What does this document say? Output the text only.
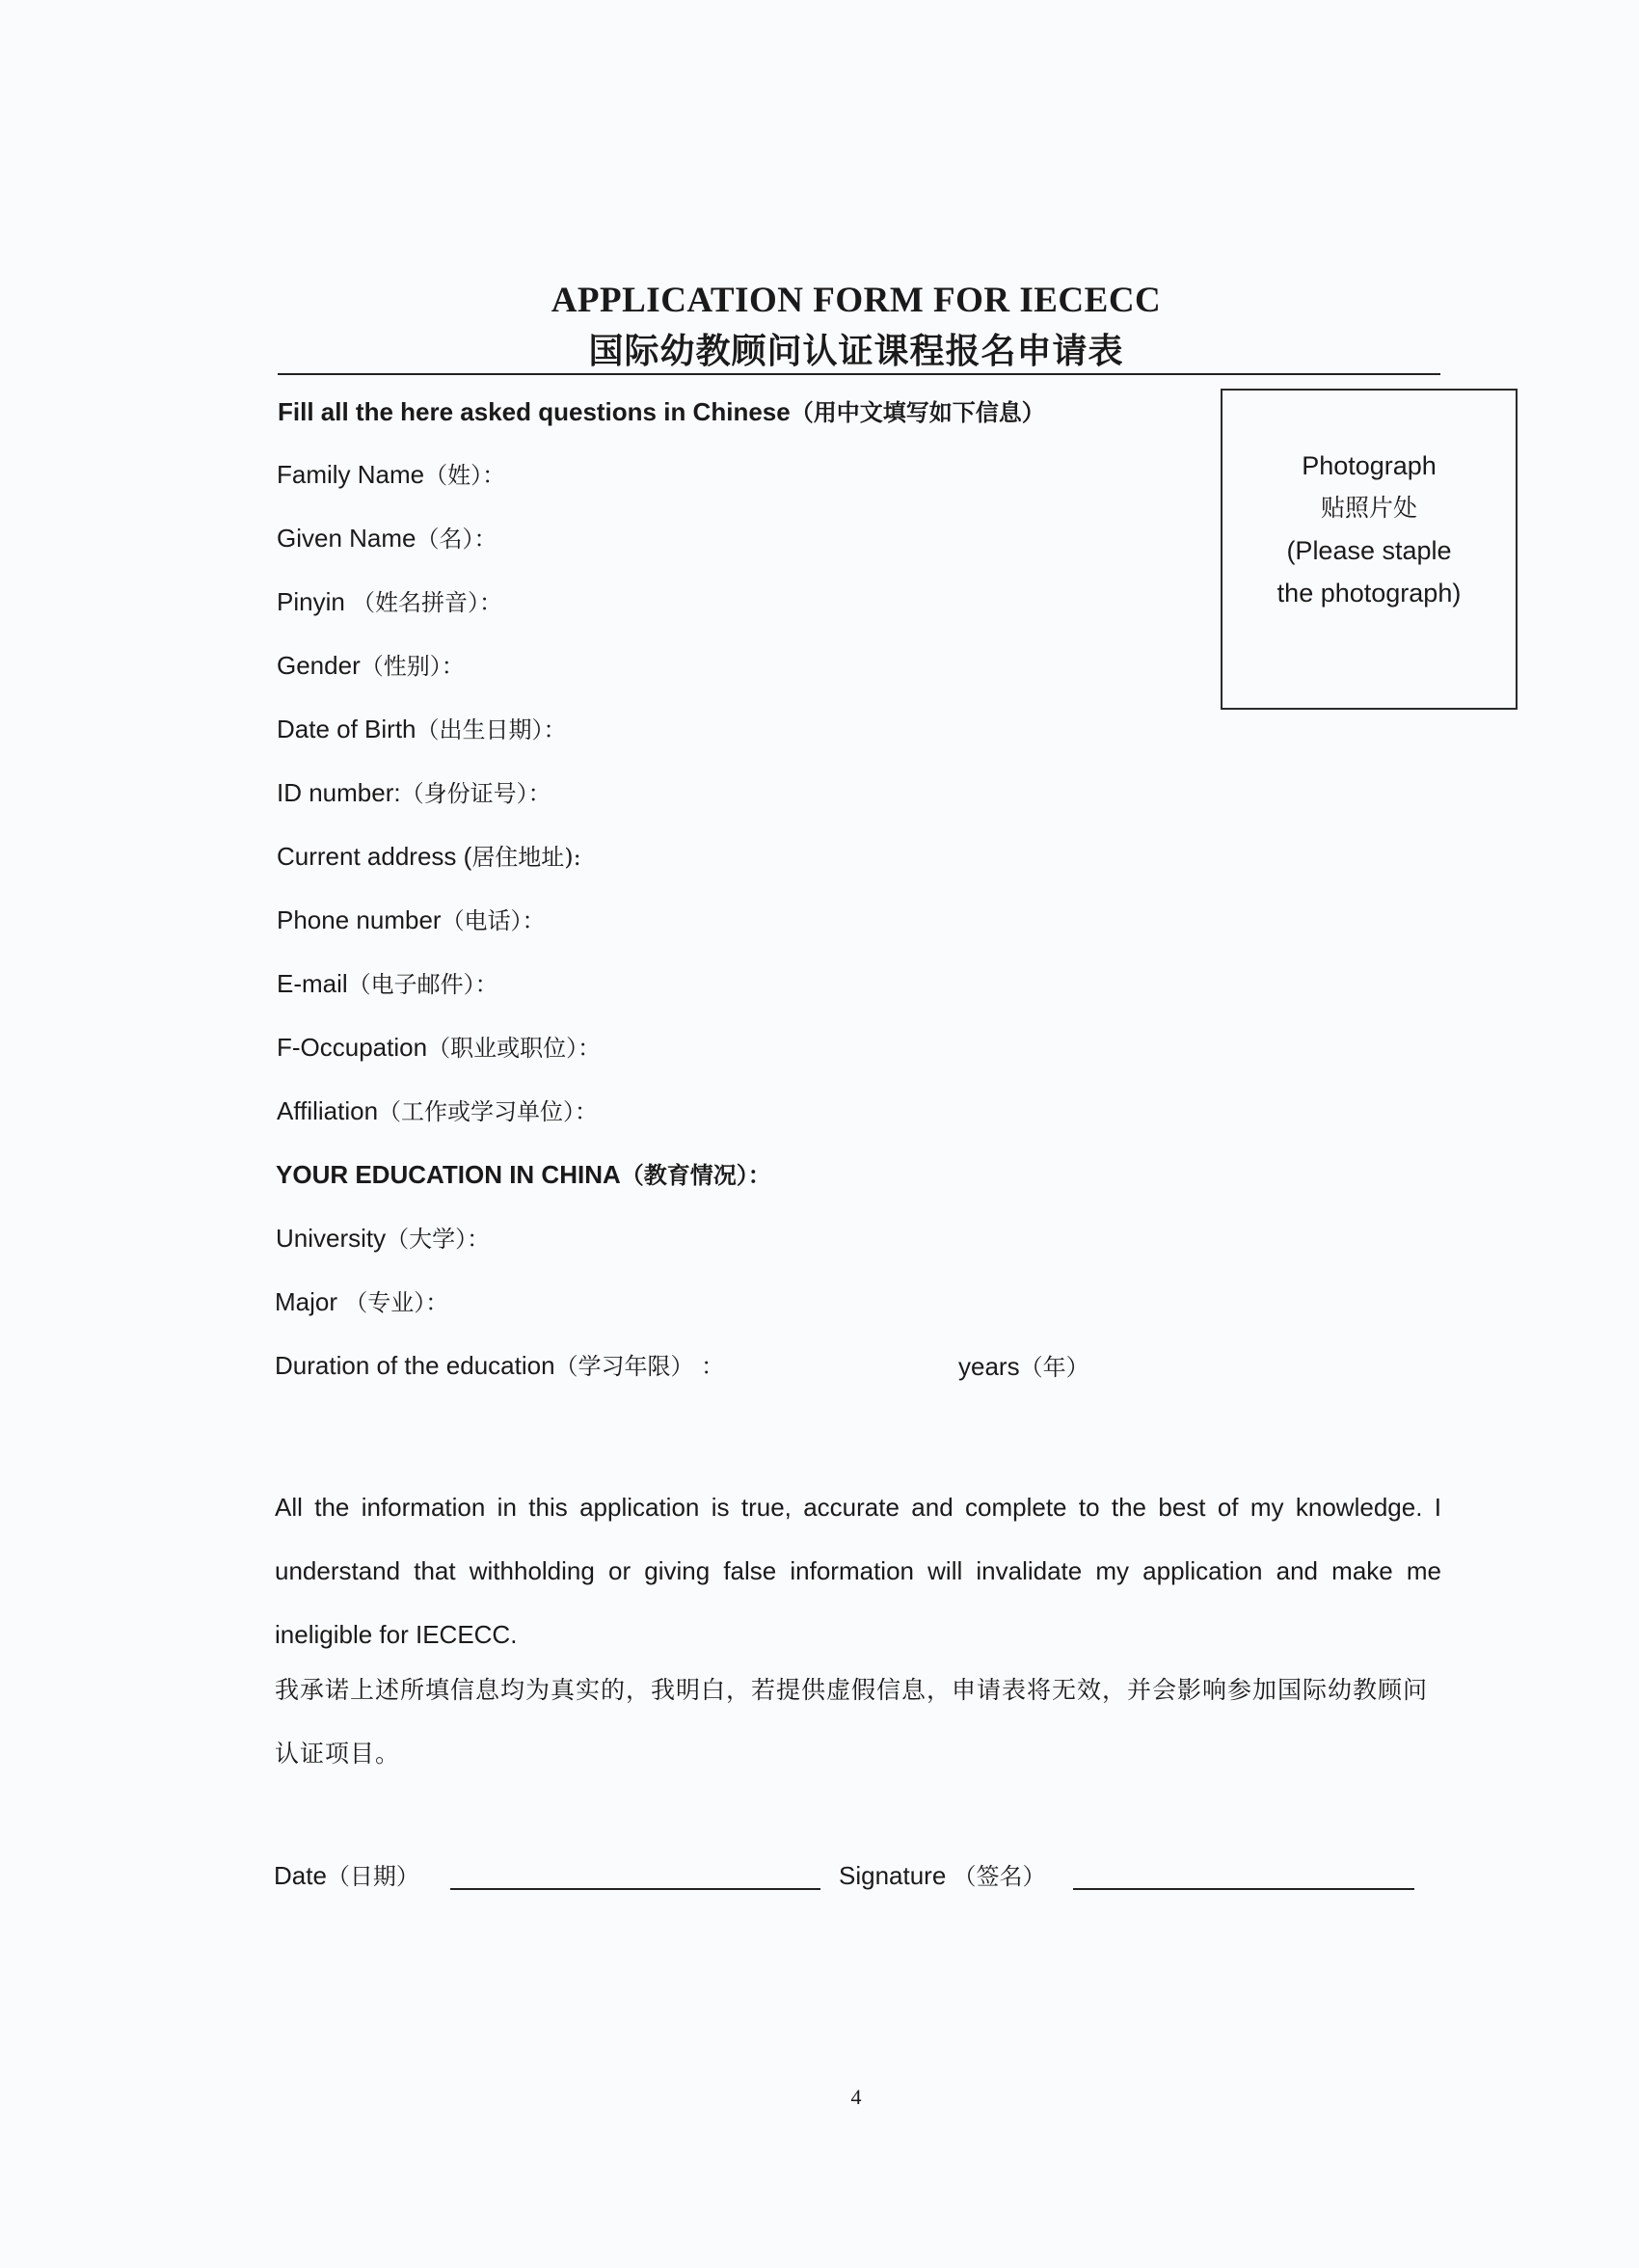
APPLICATION FORM FOR IECECC
国际幼教顾问认证课程报名申请表
Fill all the here asked questions in Chinese（用中文填写如下信息）
Photograph
贴照片处
(Please staple
the photograph)
Family Name（姓）：
Given Name（名）：
Pinyin （姓名拼音）：
Gender（性别）：
Date of Birth（出生日期）：
ID number:（身份证号）：
Current address (居住地址):
Phone number（电话）：
E-mail（电子邮件）：
F-Occupation（职业或职位）：
Affiliation（工作或学习单位）：
YOUR EDUCATION IN CHINA（教育情况）：
University（大学）：
Major （专业）：
Duration of the education（学习年限） ：	years（年）
All the information in this application is true, accurate and complete to the best of my knowledge. I understand that withholding or giving false information will invalidate my application and make me ineligible for IECECC.
我承诺上述所填信息均为真实的，我明白，若提供虚假信息，申请表将无效，并会影响参加国际幼教顾问认证项目。
Date（日期）	Signature （签名）
4
